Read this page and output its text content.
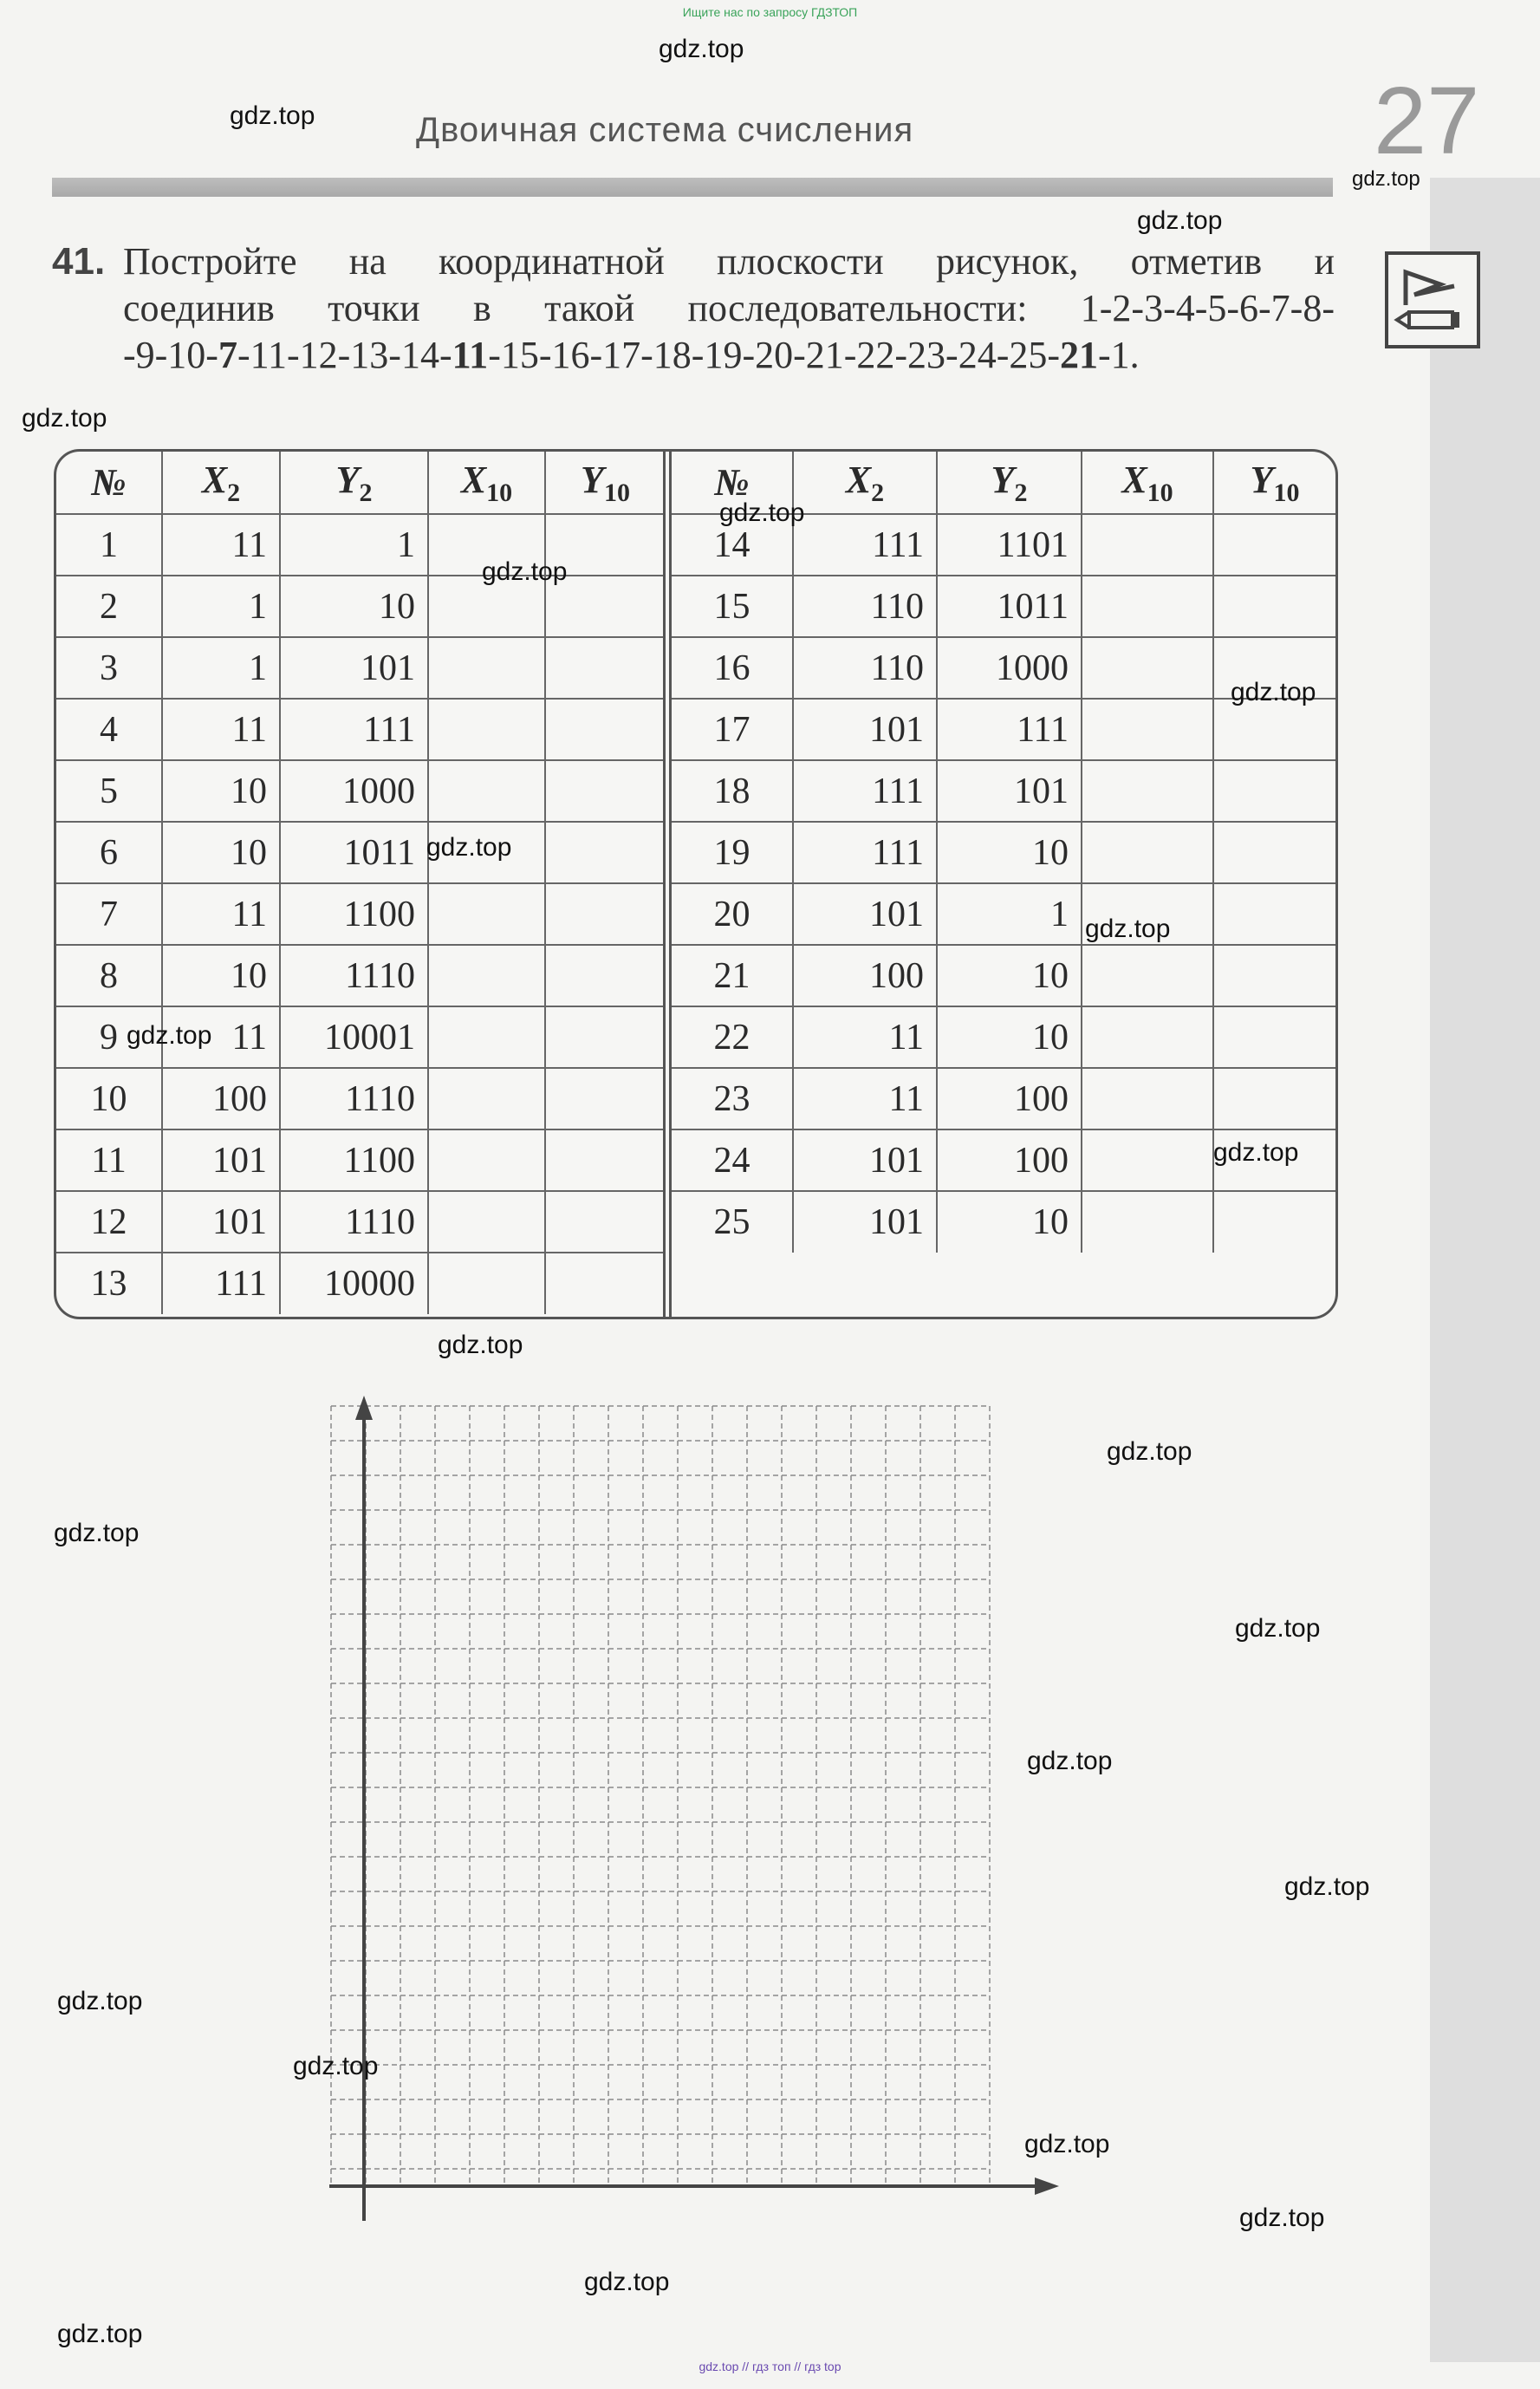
Ищите нас по запросу ГДЗТОП
Двоичная система счисления	27
41. Постройте на координатной плоскости рисунок, отметив и
соединив точки в такой последовательности: 1-2-3-4-5-6-7-8-
-9-10-7-11-12-13-14-11-15-16-17-18-19-20-21-22-23-24-25-21-1.
№	$X_2$	$Y_2$	$X_{10}$	$Y_{10}$
1	11	1		
2	1	10		
3	1	101		
4	11	111		
5	10	1000		
6	10	1011		
7	11	1100		
8	10	1110		
9	11	10001		
10	100	1110		
11	101	1100		
12	101	1110		
13	111	10000		
№	$X_2$	$Y_2$	$X_{10}$	$Y_{10}$
14	111	1101		
15	110	1011		
16	110	1000		
17	101	111		
18	111	101		
19	111	10		
20	101	1		
21	100	10		
22	11	10		
23	11	100		
24	101	100		
25	101	10		
gdz.top
gdz.top
gdz.top
gdz.top
gdz.top
gdz.top
gdz.top
gdz.top
gdz.top
gdz.top
gdz.top
gdz.top
gdz.top
gdz.top
gdz.top
gdz.top
gdz.top
gdz.top
gdz.top
gdz.top
gdz.top
gdz.top
gdz.top
gdz.top
gdz.top // гдз топ // гдз top
